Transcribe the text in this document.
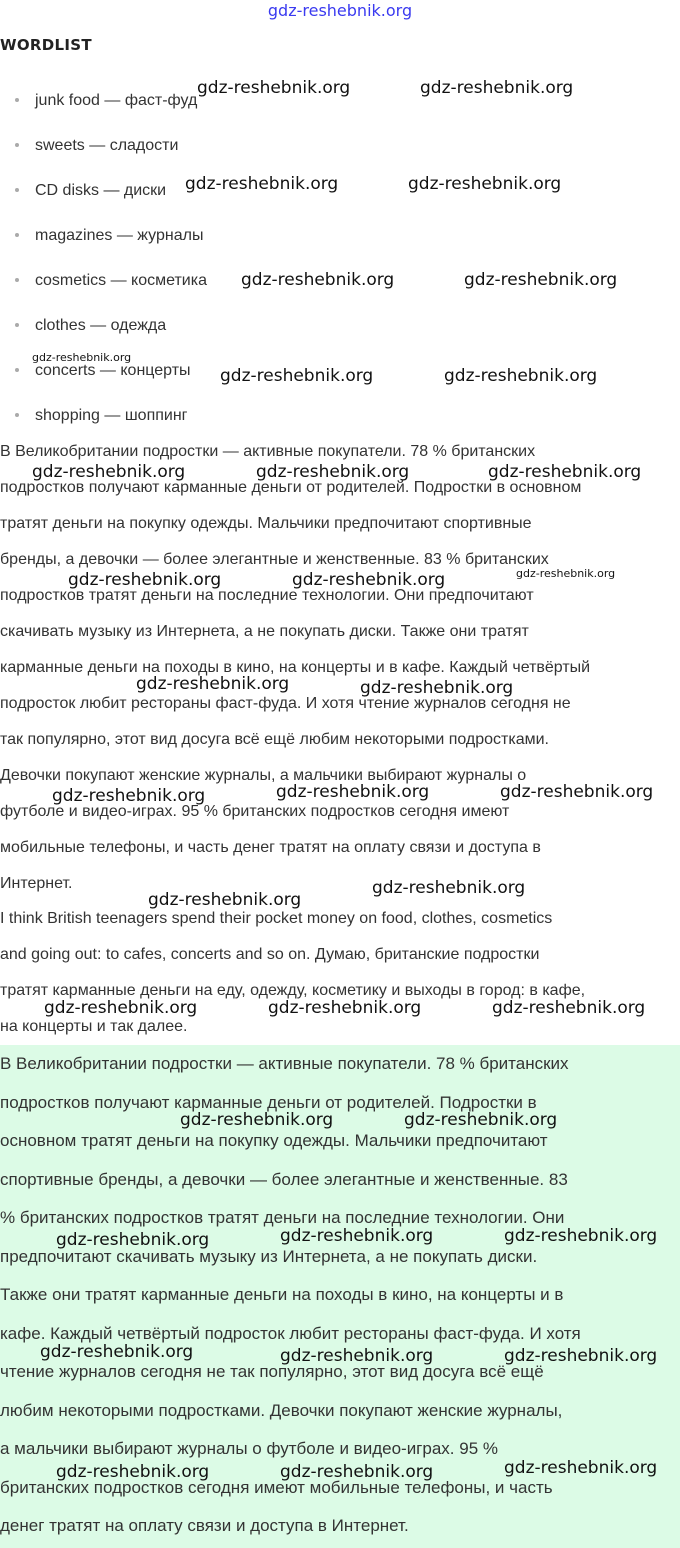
gdz-reshebnik.org
WORDLIST
junk food — фаст-фуд
sweets — сладости
CD disks — диски
magazines — журналы
cosmetics — косметика
clothes — одежда
concerts — концерты
shopping — шоппинг
В Великобритании подростки — активные покупатели. 78 % британских
подростков получают карманные деньги от родителей. Подростки в основном
тратят деньги на покупку одежды. Мальчики предпочитают спортивные
бренды, а девочки — более элегантные и женственные. 83 % британских
подростков тратят деньги на последние технологии. Они предпочитают
скачивать музыку из Интернета, а не покупать диски. Также они тратят
карманные деньги на походы в кино, на концерты и в кафе. Каждый четвёртый
подросток любит рестораны фаст-фуда. И хотя чтение журналов сегодня не
так популярно, этот вид досуга всё ещё любим некоторыми подростками.
Девочки покупают женские журналы, а мальчики выбирают журналы о
футболе и видео-играх. 95 % британских подростков сегодня имеют
мобильные телефоны, и часть денег тратят на оплату связи и доступа в
Интернет.
I think British teenagers spend their pocket money on food, clothes, cosmetics
and going out: to cafes, concerts and so on. Думаю, британские подростки
тратят карманные деньги на еду, одежду, косметику и выходы в город: в кафе,
на концерты и так далее.
В Великобритании подростки — активные покупатели. 78 % британских
подростков получают карманные деньги от родителей. Подростки в
основном тратят деньги на покупку одежды. Мальчики предпочитают
спортивные бренды, а девочки — более элегантные и женственные. 83
% британских подростков тратят деньги на последние технологии. Они
предпочитают скачивать музыку из Интернета, а не покупать диски.
Также они тратят карманные деньги на походы в кино, на концерты и в
кафе. Каждый четвёртый подросток любит рестораны фаст-фуда. И хотя
чтение журналов сегодня не так популярно, этот вид досуга всё ещё
любим некоторыми подростками. Девочки покупают женские журналы,
а мальчики выбирают журналы о футболе и видео-играх. 95 %
британских подростков сегодня имеют мобильные телефоны, и часть
денег тратят на оплату связи и доступа в Интернет.
gdz-reshebnik.org	gdz-reshebnik.org
gdz-reshebnik.org	gdz-reshebnik.org
gdz-reshebnik.org	gdz-reshebnik.org
gdz-reshebnik.org
gdz-reshebnik.org	gdz-reshebnik.org
gdz-reshebnik.org	gdz-reshebnik.org	gdz-reshebnik.org
gdz-reshebnik.org	gdz-reshebnik.org	gdz-reshebnik.org
gdz-reshebnik.org	gdz-reshebnik.org
gdz-reshebnik.org	gdz-reshebnik.org	gdz-reshebnik.org
gdz-reshebnik.org
gdz-reshebnik.org
gdz-reshebnik.org	gdz-reshebnik.org	gdz-reshebnik.org
gdz-reshebnik.org	gdz-reshebnik.org
gdz-reshebnik.org	gdz-reshebnik.org	gdz-reshebnik.org
gdz-reshebnik.org	gdz-reshebnik.org	gdz-reshebnik.org
gdz-reshebnik.org	gdz-reshebnik.org	gdz-reshebnik.org
